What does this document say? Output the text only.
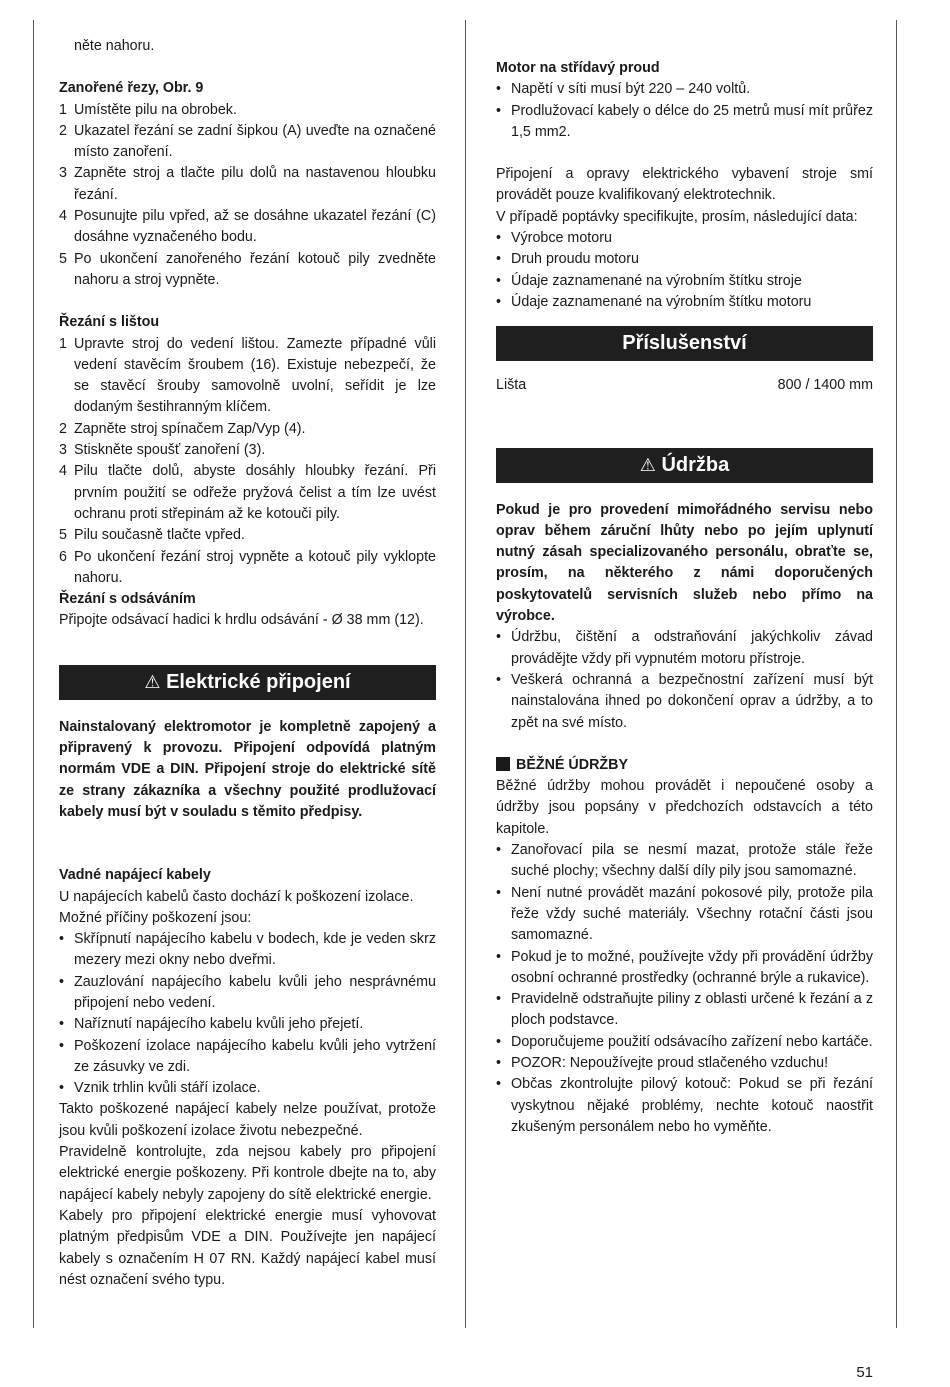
něte nahoru.

Zanořené řezy, Obr. 9

1 Umístěte pilu na obrobek.
2 Ukazatel řezání se zadní šipkou (A) uveďte na označené místo zanoření.
3 Zapněte stroj a tlačte pilu dolů na nastavenou hloubku řezání.
4 Posunujte pilu vpřed, až se dosáhne ukazatel řezání (C) dosáhne vyznačeného bodu.
5 Po ukončení zanořeného řezání kotouč pily zvedněte nahoru a stroj vypněte.

Řezání s lištou

1 Upravte stroj do vedení lištou. Zamezte případné vůli vedení stavěcím šroubem (16). Existuje nebezpečí, že se stavěcí šrouby samovolně uvolní, seřídit je lze dodaným šestihranným klíčem.
2 Zapněte stroj spínačem Zap/Vyp (4).
3 Stiskněte spoušť zanoření (3).
4 Pilu tlačte dolů, abyste dosáhly hloubky řezání. Při prvním použití se odřeže pryžová čelist a tím lze uvést ochranu proti střepinám až ke kotouči pily.
5 Pilu současně tlačte vpřed.
6 Po ukončení řezání stroj vypněte a kotouč pily vyklopte nahoru.

Řezání s odsáváním

Připojte odsávací hadici k hrdlu odsávání - Ø 38 mm (12).

⚠ Elektrické připojení

Nainstalovaný elektromotor je kompletně zapojený a připravený k provozu. Připojení odpovídá platným normám VDE a DIN. Připojení stroje do elektrické sítě ze strany zákazníka a všechny použité prodlužovací kabely musí být v souladu s těmito předpisy.

Vadné napájecí kabely

U napájecích kabelů často dochází k poškození izolace.

Možné příčiny poškození jsou:

• Skřípnutí napájecího kabelu v bodech, kde je veden skrz mezery mezi okny nebo dveřmi.
• Zauzlování napájecího kabelu kvůli jeho nesprávnému připojení nebo vedení.
• Naříznutí napájecího kabelu kvůli jeho přejetí.
• Poškození izolace napájecího kabelu kvůli jeho vytržení ze zásuvky ve zdi.
• Vznik trhlin kvůli stáří izolace.

Takto poškozené napájecí kabely nelze používat, protože jsou kvůli poškození izolace životu nebezpečné.

Pravidelně kontrolujte, zda nejsou kabely pro připojení elektrické energie poškozeny. Při kontrole dbejte na to, aby napájecí kabely nebyly zapojeny do sítě elektrické energie.

Kabely pro připojení elektrické energie musí vyhovovat platným předpisům VDE a DIN. Používejte jen napájecí kabely s označením H 07 RN. Každý napájecí kabel musí nést označení svého typu.

Motor na střídavý proud

• Napětí v síti musí být 220 – 240 voltů.
• Prodlužovací kabely o délce do 25 metrů musí mít průřez 1,5 mm2.

Připojení a opravy elektrického vybavení stroje smí provádět pouze kvalifikovaný elektrotechnik.

V případě poptávky specifikujte, prosím, následující data:

• Výrobce motoru
• Druh proudu motoru
• Údaje zaznamenané na výrobním štítku stroje
• Údaje zaznamenané na výrobním štítku motoru
Příslušenství
Lišta	800 / 1400 mm
⚠ Údržba

Pokud je pro provedení mimořádného servisu nebo oprav během záruční lhůty nebo po jejím uplynutí nutný zásah specializovaného personálu, obraťte se, prosím, na některého z námi doporučených poskytovatelů servisních služeb nebo přímo na výrobce.

• Údržbu, čištění a odstraňování jakýchkoliv závad provádějte vždy při vypnutém motoru přístroje.
• Veškerá ochranná a bezpečnostní zařízení musí být nainstalována ihned po dokončení oprav a údržby, a to zpět na své místo.

BĚŽNÉ ÚDRŽBY

Běžné údržby mohou provádět i nepoučené osoby a údržby jsou popsány v předchozích odstavcích a této kapitole.

• Zanořovací pila se nesmí mazat, protože stále řeže suché plochy; všechny další díly pily jsou samomazné.
• Není nutné provádět mazání pokosové pily, protože pila řeže vždy suché materiály. Všechny rotační části jsou samomazné.
• Pokud je to možné, používejte vždy při provádění údržby osobní ochranné prostředky (ochranné brýle a rukavice).
• Pravidelně odstraňujte piliny z oblasti určené k řezání a z ploch podstavce.
• Doporučujeme použití odsávacího zařízení nebo kartáče.
• POZOR: Nepoužívejte proud stlačeného vzduchu!
• Občas zkontrolujte pilový kotouč: Pokud se při řezání vyskytnou nějaké problémy, nechte kotouč naostřit zkušeným personálem nebo ho vyměňte.
51
